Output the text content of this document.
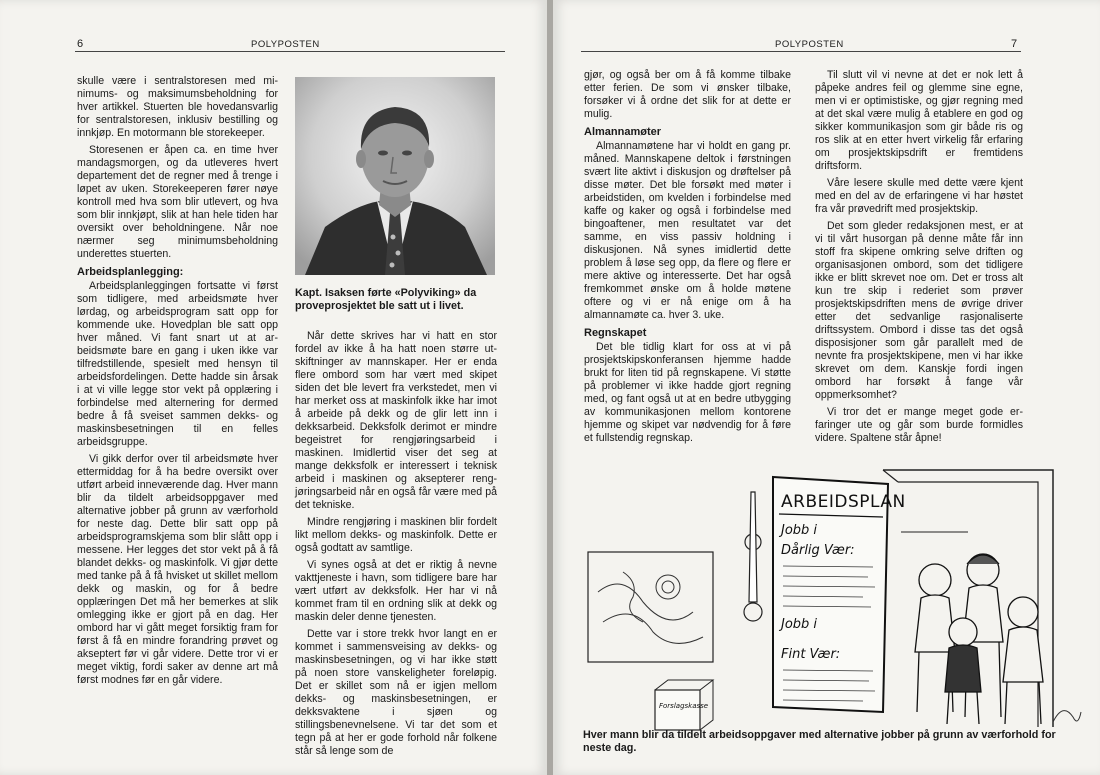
6	POLYPOSTEN

skulle være i sentralstoresen med minimums- og maksimumsbeholdning for hver artikkel. Stuerten ble hovedansvarlig for sentralstoresen, inklusiv bestilling og innkjøp. En motormann ble storekeeper.

Storesenen er åpen ca. en time hver mandagsmorgen, og da utleveres hvert departement det de regner med å trenge i løpet av uken. Storekeeperen fører nøye kontroll med hva som blir utlevert, og hva som blir innkjøpt, slik at han hele tiden har oversikt over beholdningene. Når noe nærmer seg minimumsbeholdning underettes stuerten.

Arbeidsplanlegging:

Arbeidsplanleggingen fortsatte vi først som tidligere, med arbeidsmøte hver lørdag, og arbeidsprogram satt opp for kommende uke. Hovedplan ble satt opp hver måned. Vi fant snart ut at arbeidsmøte bare en gang i uken ikke var tilfredstillende, spesielt med hensyn til arbeidsfordelingen. Dette hadde sin årsak i at vi ville legge stor vekt på opplæring i forbindelse med alternering for dermed bedre å få sveiset sammen dekks- og maskinsbesetningen til en felles arbeidsgruppe.

Vi gikk derfor over til arbeidsmøte hver ettermiddag for å ha bedre oversikt over utført arbeid inneværende dag. Hver mann blir da tildelt arbeidsoppgaver med alternative jobber på grunn av værforhold for neste dag. Dette blir satt opp på arbeidsprogramskjema som blir slått opp i messene. Her legges det stor vekt på å få blandet dekks- og maskinfolk. Vi gjør dette med tanke på å få hvisket ut skillet mellom dekk og maskin, og for å bedre opplæringen Det må her bemerkes at slik omlegging ikke er gjort på en dag. Her ombord har vi gått meget forsiktig fram for først å få en mindre forandring prøvet og akseptert før vi går videre. Dette tror vi er meget viktig, fordi saker av denne art må først modnes før en går videre.

Kapt. Isaksen førte «Polyviking» da proveprosjektet ble satt ut i livet.

Når dette skrives har vi hatt en stor fordel av ikke å ha hatt noen større utskiftninger av mannskaper. Her er enda flere ombord som har vært med skipet siden det ble levert fra verkstedet, men vi har merket oss at maskinfolk ikke har imot å arbeide på dekk og de glir lett inn i dekksarbeid. Dekksfolk derimot er mindre begeistret for rengjøringsarbeid i maskinen. Imidlertid viser det seg at mange dekksfolk er interessert i teknisk arbeid i maskinen og aksepterer rengjøringsarbeid når en også får være med på det tekniske.

Mindre rengjøring i maskinen blir fordelt likt mellom dekks- og maskinfolk. Dette er også godtatt av samtlige.

Vi synes også at det er riktig å nevne vakttjeneste i havn, som tidligere bare har vært utført av dekksfolk. Her har vi nå kommet fram til en ordning slik at dekk og maskin deler denne tjenesten.

Dette var i store trekk hvor langt en er kommet i sammensveising av dekks- og maskinsbesetningen, og vi har ikke støtt på noen store vanskeligheter foreløpig. Det er skillet som nå er igjen mellom dekks- og maskinsbesetningen, er dekksvaktene i sjøen og stillingsbenevnelsene. Vi tar det som et tegn på at her er gode forhold når folkene står så lenge som de

POLYPOSTEN	7

gjør, og også ber om å få komme tilbake etter ferien. De som vi ønsker tilbake, forsøker vi å ordne det slik for at dette er mulig.

Almannamøter

Almannamøtene har vi holdt en gang pr. måned. Mannskapene deltok i førstningen svært lite aktivt i diskusjon og drøftelser på disse møter. Det ble forsøkt med møter i arbeidstiden, om kvelden i forbindelse med kaffe og kaker og også i forbindelse med bingoaftener, men resultatet var det samme, en viss passiv holdning i diskusjonen. Nå synes imidlertid dette problem å løse seg opp, da flere og flere er mere aktive og interesserte. Det har også fremkommet ønske om å holde møtene oftere og vi er nå enige om å ha almannamøte ca. hver 3. uke.

Regnskapet

Det ble tidlig klart for oss at vi på prosjektskipskonferansen hjemme hadde brukt for liten tid på regnskapene. Vi støtte på problemer vi ikke hadde gjort regning med, og fant også ut at en bedre utbygging av kommunikasjonen mellom kontorene hjemme og skipet var nødvendig for å føre et fullstendig regnskap.

Til slutt vil vi nevne at det er nok lett å påpeke andres feil og glemme sine egne, men vi er optimistiske, og gjør regning med at det skal være mulig å etablere en god og sikker kommunikasjon som gir både ris og ros slik at en etter hvert virkelig får erfaring om prosjektskipsdrift er fremtidens driftsform.

Våre lesere skulle med dette være kjent med en del av de erfaringene vi har høstet fra vår prøvedrift med prosjektskip.

Det som gleder redaksjonen mest, er at vi til vårt husorgan på denne måte får inn stoff fra skipene omkring selve driften og organisasjonen ombord, som det tidligere ikke er blitt skrevet noe om. Det er tross alt kun tre skip i rederiet som prøver prosjektskipsdriften mens de øvrige driver etter det sedvanlige rasjonaliserte driftssystem. Ombord i disse tas det også disposisjoner som går parallelt med de nevnte fra prosjektskipene, men vi har ikke skrevet om dem. Kanskje fordi ingen ombord har forsøkt å fange vår oppmerksomhet?

Vi tror det er mange meget gode erfaringer ute og går som burde formidles videre. Spaltene står åpne!

ARBEIDSPLAN
Jobb i
Dårlig Vær:
Jobb i
Fint Vær:
Forslagskasse
Hver mann blir da tildelt arbeidsoppgaver med alternative jobber på grunn av værforhold for neste dag.
